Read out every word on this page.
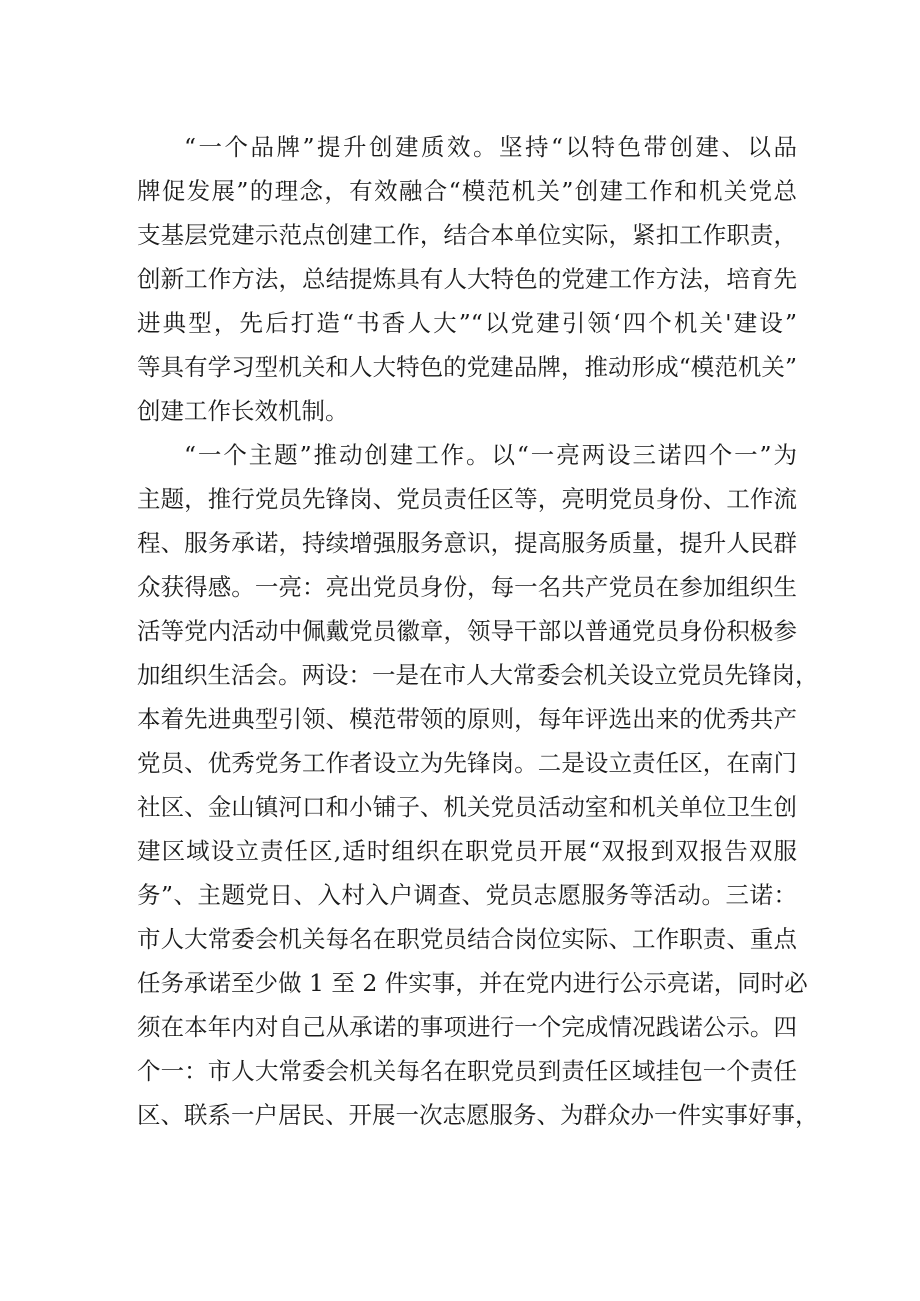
“一个品牌”提升创建质效。坚持“以特色带创建、以品
牌促发展”的理念，有效融合“模范机关”创建工作和机关党总
支基层党建示范点创建工作，结合本单位实际，紧扣工作职责，
创新工作方法，总结提炼具有人大特色的党建工作方法，培育先
进典型，先后打造“书香人大”“以党建引领‘四个机关'建设”
等具有学习型机关和人大特色的党建品牌，推动形成“模范机关”
创建工作长效机制。
“一个主题”推动创建工作。以“一亮两设三诺四个一”为
主题，推行党员先锋岗、党员责任区等，亮明党员身份、工作流
程、服务承诺，持续增强服务意识，提高服务质量，提升人民群
众获得感。一亮：亮出党员身份，每一名共产党员在参加组织生
活等党内活动中佩戴党员徽章，领导干部以普通党员身份积极参
加组织生活会。两设：一是在市人大常委会机关设立党员先锋岗，
本着先进典型引领、模范带领的原则，每年评选出来的优秀共产
党员、优秀党务工作者设立为先锋岗。二是设立责任区，在南门
社区、金山镇河口和小铺子、机关党员活动室和机关单位卫生创
建区域设立责任区,适时组织在职党员开展“双报到双报告双服
务”、主题党日、入村入户调查、党员志愿服务等活动。三诺：
市人大常委会机关每名在职党员结合岗位实际、工作职责、重点
任务承诺至少做 1 至 2 件实事，并在党内进行公示亮诺，同时必
须在本年内对自己从承诺的事项进行一个完成情况践诺公示。四
个一：市人大常委会机关每名在职党员到责任区域挂包一个责任
区、联系一户居民、开展一次志愿服务、为群众办一件实事好事，
